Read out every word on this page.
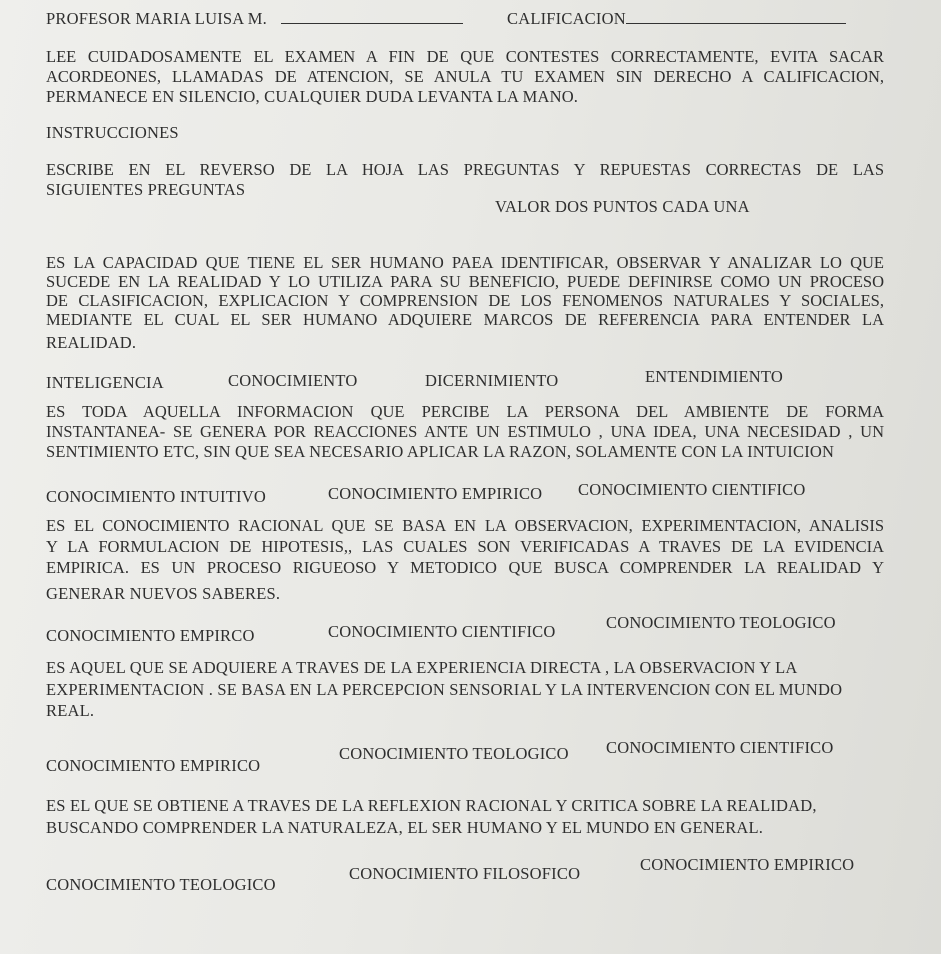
PROFESOR MARIA LUISA M.	CALIFICACION
LEE CUIDADOSAMENTE EL EXAMEN A FIN DE QUE CONTESTES CORRECTAMENTE, EVITA SACAR
ACORDEONES, LLAMADAS DE ATENCION, SE ANULA TU EXAMEN SIN DERECHO A CALIFICACION,
PERMANECE EN SILENCIO, CUALQUIER DUDA LEVANTA LA MANO.
INSTRUCCIONES
ESCRIBE EN EL REVERSO DE LA HOJA LAS PREGUNTAS Y REPUESTAS CORRECTAS DE LAS
SIGUIENTES PREGUNTAS
VALOR DOS PUNTOS CADA UNA
ES LA CAPACIDAD QUE TIENE EL SER HUMANO PAEA IDENTIFICAR, OBSERVAR Y ANALIZAR LO QUE
SUCEDE EN LA REALIDAD Y LO UTILIZA PARA SU BENEFICIO, PUEDE DEFINIRSE COMO UN PROCESO
DE CLASIFICACION, EXPLICACION Y COMPRENSION DE LOS FENOMENOS NATURALES Y SOCIALES,
MEDIANTE EL CUAL EL SER HUMANO ADQUIERE MARCOS DE REFERENCIA PARA ENTENDER LA
REALIDAD.
INTELIGENCIA	CONOCIMIENTO	DICERNIMIENTO	ENTENDIMIENTO
ES TODA AQUELLA INFORMACION QUE PERCIBE LA PERSONA DEL AMBIENTE DE FORMA
INSTANTANEA- SE GENERA POR REACCIONES ANTE UN ESTIMULO , UNA IDEA, UNA NECESIDAD , UN
SENTIMIENTO ETC, SIN QUE SEA NECESARIO APLICAR LA RAZON, SOLAMENTE CON LA INTUICION
CONOCIMIENTO INTUITIVO	CONOCIMIENTO EMPIRICO CONOCIMIENTO CIENTIFICO
ES EL CONOCIMIENTO RACIONAL QUE SE BASA EN LA OBSERVACION, EXPERIMENTACION, ANALISIS
Y LA FORMULACION DE HIPOTESIS,, LAS CUALES SON VERIFICADAS A TRAVES DE LA EVIDENCIA
EMPIRICA. ES UN PROCESO RIGUEOSO Y METODICO QUE BUSCA COMPRENDER LA REALIDAD Y
GENERAR NUEVOS SABERES.
CONOCIMIENTO EMPIRCO	CONOCIMIENTO CIENTIFICO	CONOCIMIENTO TEOLOGICO
ES AQUEL QUE SE ADQUIERE A TRAVES DE LA EXPERIENCIA DIRECTA , LA OBSERVACION Y LA
EXPERIMENTACION . SE BASA EN LA PERCEPCION SENSORIAL Y LA INTERVENCION CON EL MUNDO
REAL.
CONOCIMIENTO EMPIRICO
CONOCIMIENTO TEOLOGICO CONOCIMIENTO CIENTIFICO
ES EL QUE SE OBTIENE A TRAVES DE LA REFLEXION RACIONAL Y CRITICA SOBRE LA REALIDAD,
BUSCANDO COMPRENDER LA NATURALEZA, EL SER HUMANO Y EL MUNDO EN GENERAL.
CONOCIMIENTO TEOLOGICO
CONOCIMIENTO FILOSOFICO	CONOCIMIENTO EMPIRICO
